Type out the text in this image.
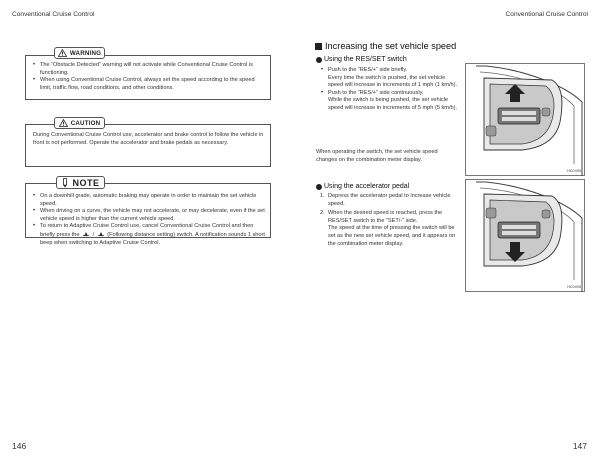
Conventional Cruise Control
146
• The “Obstacle Detected” warning will not activate while Conventional Cruise Control is functioning.
• When using Conventional Cruise Control, always set the speed according to the speed limit, traffic flow, road conditions, and other conditions.
WARNING
During Conventional Cruise Control use, accelerator and brake control to follow the vehicle in front is not performed. Operate the accelerator and brake pedals as necessary.
CAUTION
• On a downhill grade, automatic braking may operate in order to maintain the set vehicle speed.
• When driving on a curve, the vehicle may not accelerate, or may decelerate, even if the set vehicle speed is higher than the current vehicle speed.
• To return to Adaptive Cruise Control use, cancel Conventional Cruise Control and then briefly press the / (Following distance setting) switch. A notification sounds 1 short beep when switching to Adaptive Cruise Control.
NOTE
Conventional Cruise Control
147
Increasing the set vehicle speed
Using the RES/SET switch
• Push to the “RES/+” side briefly.
Every time the switch is pushed, the set vehicle speed will increase in increments of 1 mph (1 km/h).
• Push to the “RES/+” side continuously.
While the switch is being pushed, the set vehicle speed will increase in increments of 5 mph (5 km/h).
When operating the switch, the set vehicle speed changes on the combination meter display.
HC0499
Using the accelerator pedal
1. Depress the accelerator pedal to increase vehicle speed.
2. When the desired speed is reached, press the RES/SET switch to the “SET/-” side.
The speed at the time of pressing the switch will be set as the new set vehicle speed, and it appears on the combination meter display.
HC0495
